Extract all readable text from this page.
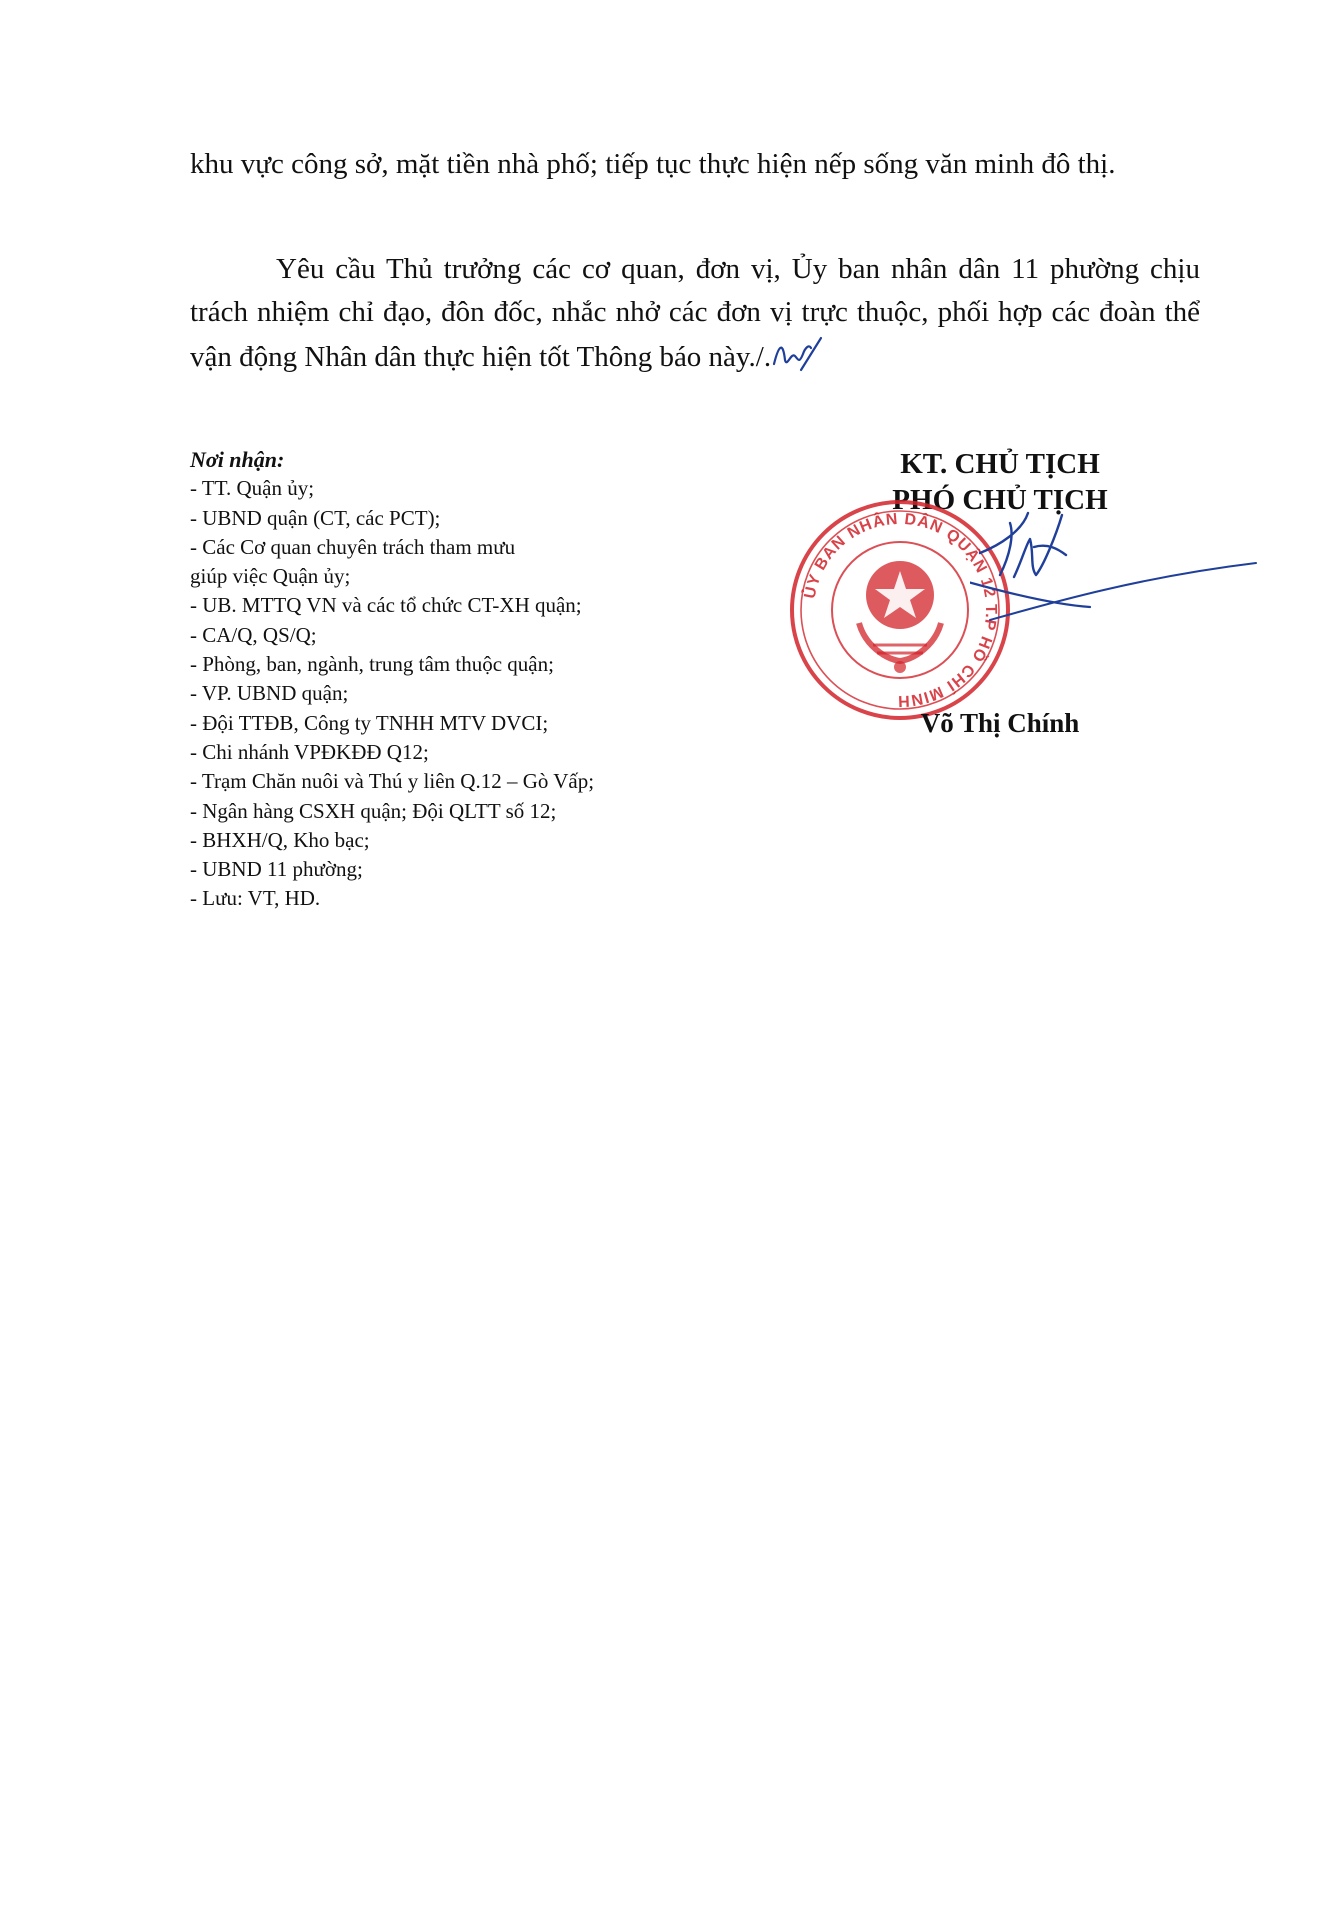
khu vực công sở, mặt tiền nhà phố; tiếp tục thực hiện nếp sống văn minh đô thị.

Yêu cầu Thủ trưởng các cơ quan, đơn vị, Ủy ban nhân dân 11 phường chịu trách nhiệm chỉ đạo, đôn đốc, nhắc nhở các đơn vị trực thuộc, phối hợp các đoàn thể vận động Nhân dân thực hiện tốt Thông báo này./.

Nơi nhận:
- TT. Quận ủy;
- UBND quận (CT, các PCT);
- Các Cơ quan chuyên trách tham mưu
giúp việc Quận ủy;
- UB. MTTQ VN và các tổ chức CT-XH quận;
- CA/Q, QS/Q;
- Phòng, ban, ngành, trung tâm thuộc quận;
- VP. UBND quận;
- Đội TTĐB, Công ty TNHH MTV DVCI;
- Chi nhánh VPĐKĐĐ Q12;
- Trạm Chăn nuôi và Thú y liên Q.12 – Gò Vấp;
- Ngân hàng CSXH quận; Đội QLTT số 12;
- BHXH/Q, Kho bạc;
- UBND 11 phường;
- Lưu: VT, HD.
KT. CHỦ TỊCH
PHÓ CHỦ TỊCH
ỦY BAN NHÂN DÂN QUẬN 12 T.P HỒ CHÍ MINH
Võ Thị Chính
